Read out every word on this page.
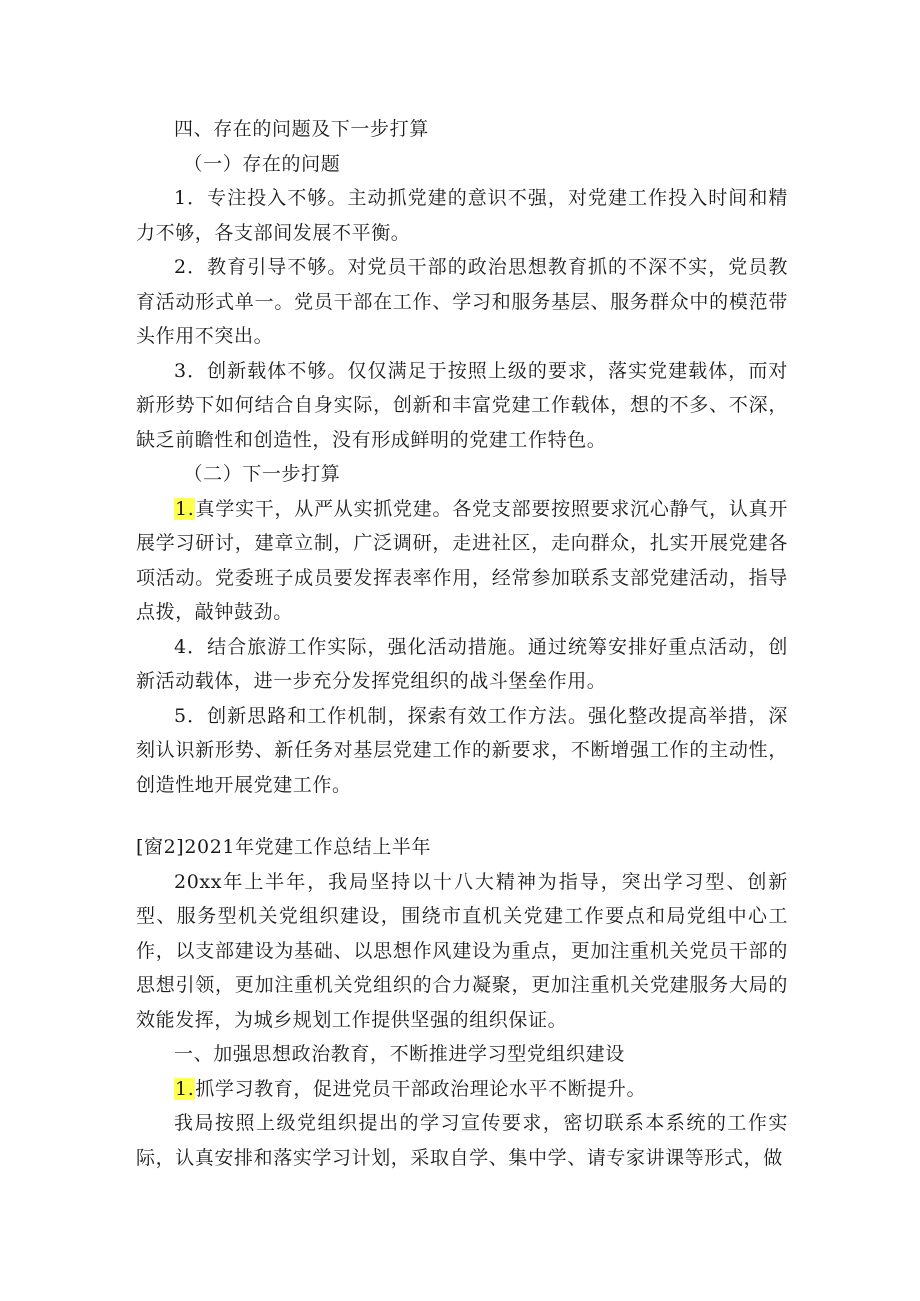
四、存在的问题及下一步打算

（一）存在的问题

1．专注投入不够。主动抓党建的意识不强，对党建工作投入时间和精力不够，各支部间发展不平衡。

2．教育引导不够。对党员干部的政治思想教育抓的不深不实，党员教育活动形式单一。党员干部在工作、学习和服务基层、服务群众中的模范带头作用不突出。

3．创新载体不够。仅仅满足于按照上级的要求，落实党建载体，而对新形势下如何结合自身实际，创新和丰富党建工作载体，想的不多、不深，缺乏前瞻性和创造性，没有形成鲜明的党建工作特色。

（二）下一步打算

1.真学实干，从严从实抓党建。各党支部要按照要求沉心静气，认真开展学习研讨，建章立制，广泛调研，走进社区，走向群众，扎实开展党建各项活动。党委班子成员要发挥表率作用，经常参加联系支部党建活动，指导点拨，敲钟鼓劲。

4．结合旅游工作实际，强化活动措施。通过统筹安排好重点活动，创新活动载体，进一步充分发挥党组织的战斗堡垒作用。

5．创新思路和工作机制，探索有效工作方法。强化整改提高举措，深刻认识新形势、新任务对基层党建工作的新要求，不断增强工作的主动性，创造性地开展党建工作。

[窗2]2021年党建工作总结上半年

20xx年上半年，我局坚持以十八大精神为指导，突出学习型、创新型、服务型机关党组织建设，围绕市直机关党建工作要点和局党组中心工作，以支部建设为基础、以思想作风建设为重点，更加注重机关党员干部的思想引领，更加注重机关党组织的合力凝聚，更加注重机关党建服务大局的效能发挥，为城乡规划工作提供坚强的组织保证。

一、加强思想政治教育，不断推进学习型党组织建设

1.抓学习教育，促进党员干部政治理论水平不断提升。

我局按照上级党组织提出的学习宣传要求，密切联系本系统的工作实际，认真安排和落实学习计划，采取自学、集中学、请专家讲课等形式，做
